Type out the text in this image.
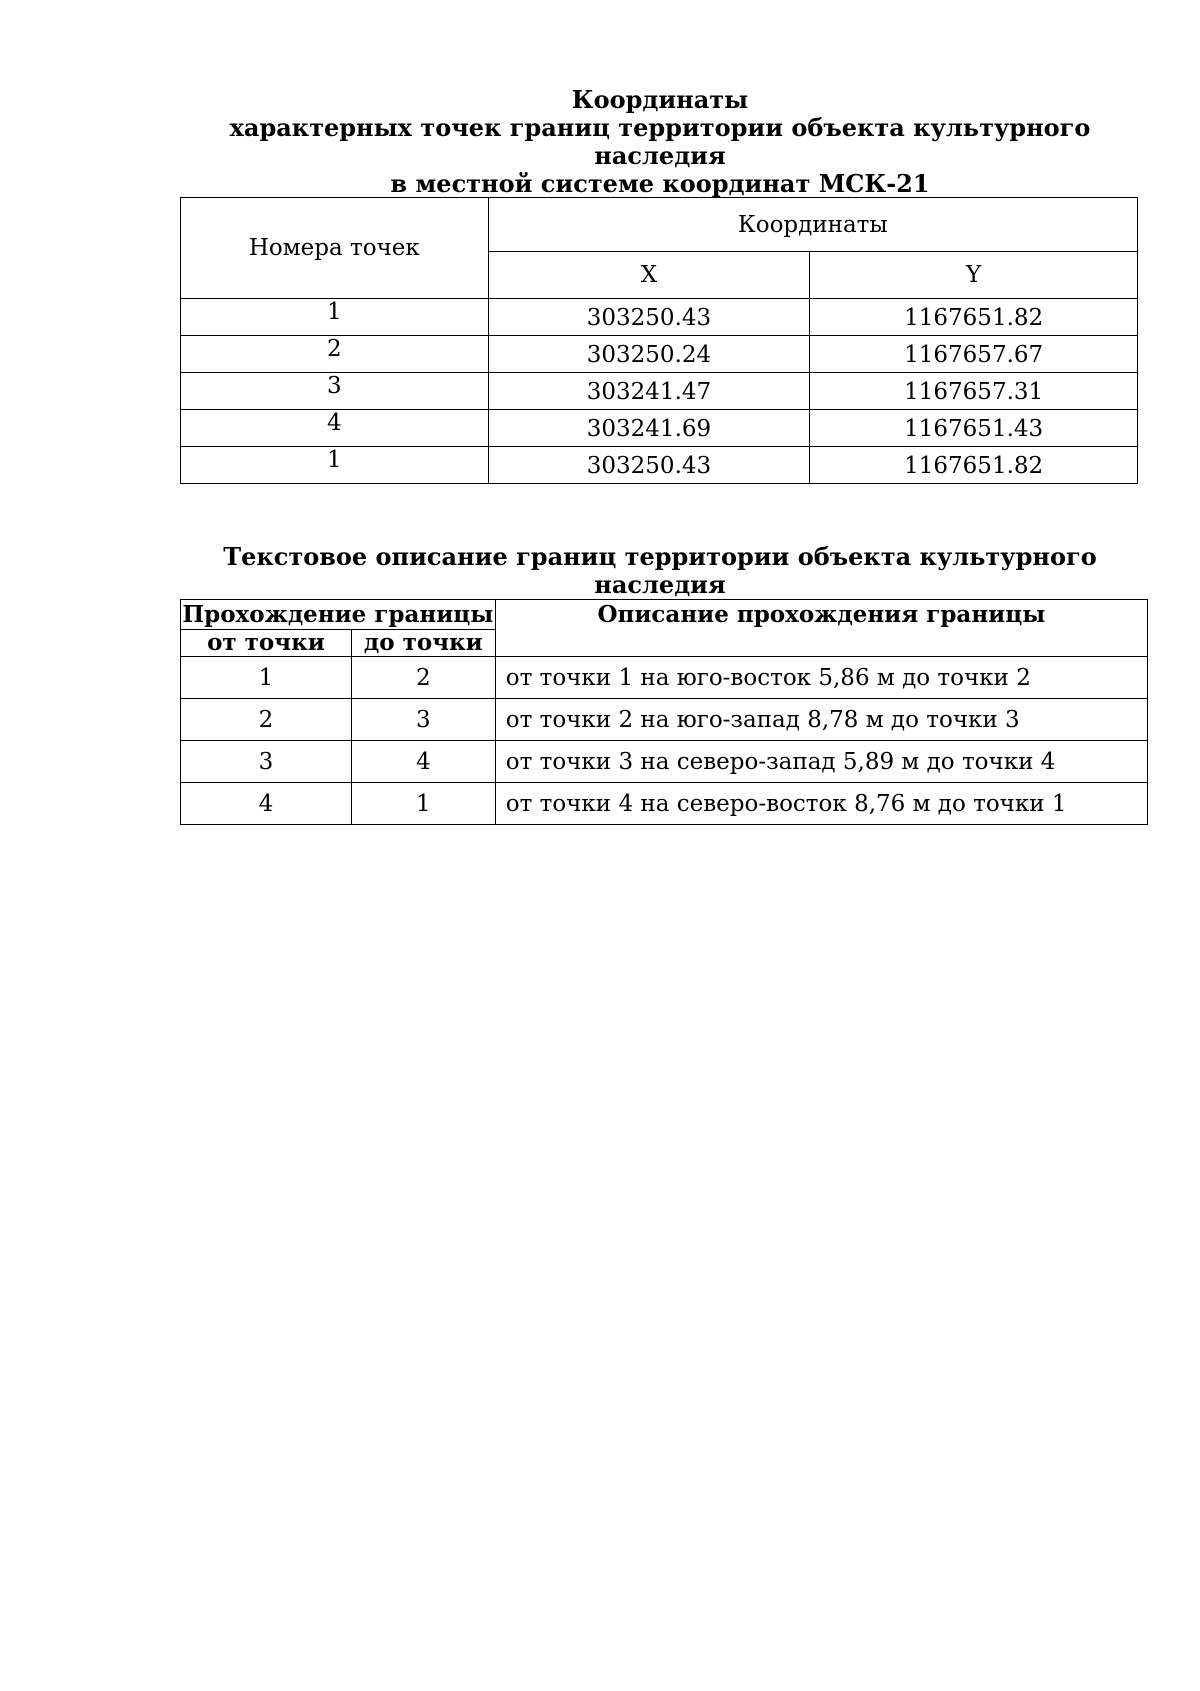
Координаты
характерных точек границ территории объекта культурного наследия
в местной системе координат МСК-21
Номера точек	Координаты	
	X	Y
1	303250.43	1167651.82
2	303250.24	1167657.67
3	303241.47	1167657.31
4	303241.69	1167651.43
1	303250.43	1167651.82
Текстовое описание границ территории объекта культурного наследия
Прохождение границы		Описание прохождения границы
от точки	до точки	
1	2	от точки 1 на юго-восток 5,86 м до точки 2
2	3	от точки 2 на юго-запад 8,78 м до точки 3
3	4	от точки 3 на северо-запад 5,89 м до точки 4
4	1	от точки 4 на северо-восток 8,76 м до точки 1
